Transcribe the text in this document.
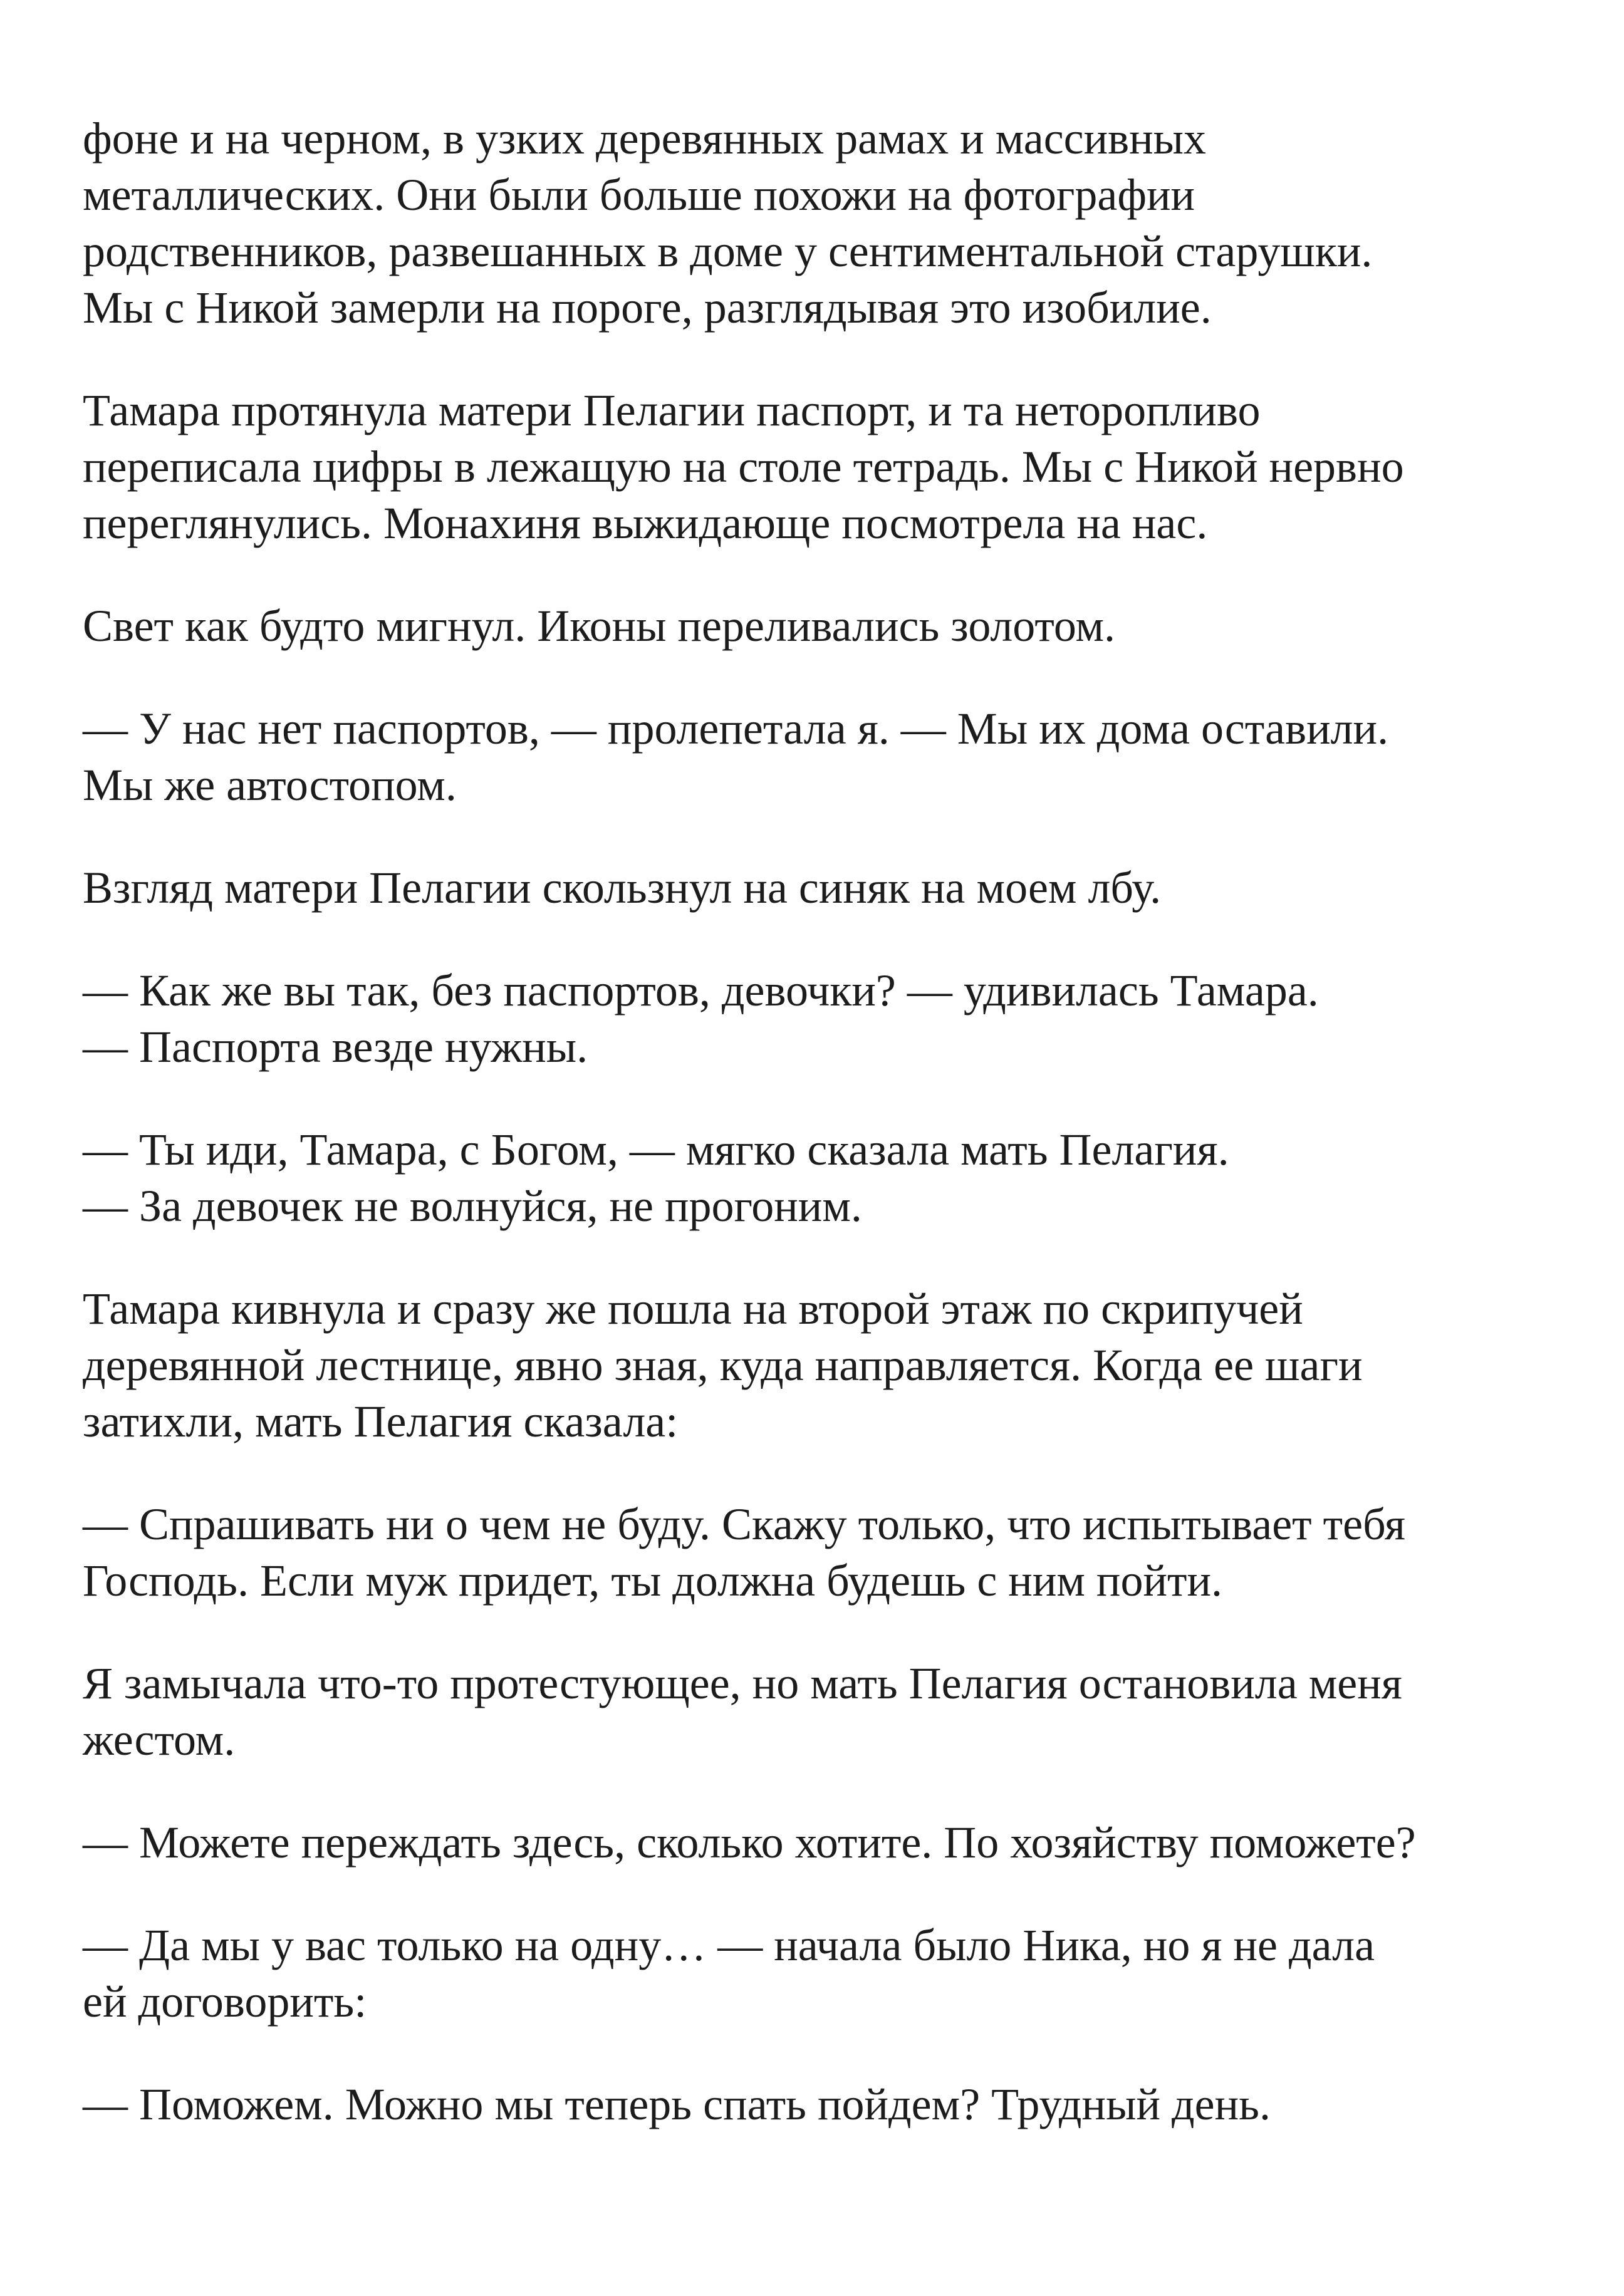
фоне и на черном, в узких деревянных рамах и массивных
металлических. Они были больше похожи на фотографии
родственников, развешанных в доме у сентиментальной старушки.
Мы с Никой замерли на пороге, разглядывая это изобилие.

Тамара протянула матери Пелагии паспорт, и та неторопливо
переписала цифры в лежащую на столе тетрадь. Мы с Никой нервно
переглянулись. Монахиня выжидающе посмотрела на нас.

Свет как будто мигнул. Иконы переливались золотом.

— У нас нет паспортов, — пролепетала я. — Мы их дома оставили.
Мы же автостопом.

Взгляд матери Пелагии скользнул на синяк на моем лбу.

— Как же вы так, без паспортов, девочки? — удивилась Тамара.
— Паспорта везде нужны.

— Ты иди, Тамара, с Богом, — мягко сказала мать Пелагия.
— За девочек не волнуйся, не прогоним.

Тамара кивнула и сразу же пошла на второй этаж по скрипучей
деревянной лестнице, явно зная, куда направляется. Когда ее шаги
затихли, мать Пелагия сказала:

— Спрашивать ни о чем не буду. Скажу только, что испытывает тебя
Господь. Если муж придет, ты должна будешь с ним пойти.

Я замычала что-то протестующее, но мать Пелагия остановила меня
жестом.

— Можете переждать здесь, сколько хотите. По хозяйству поможете?

— Да мы у вас только на одну… — начала было Ника, но я не дала
ей договорить:

— Поможем. Можно мы теперь спать пойдем? Трудный день.
